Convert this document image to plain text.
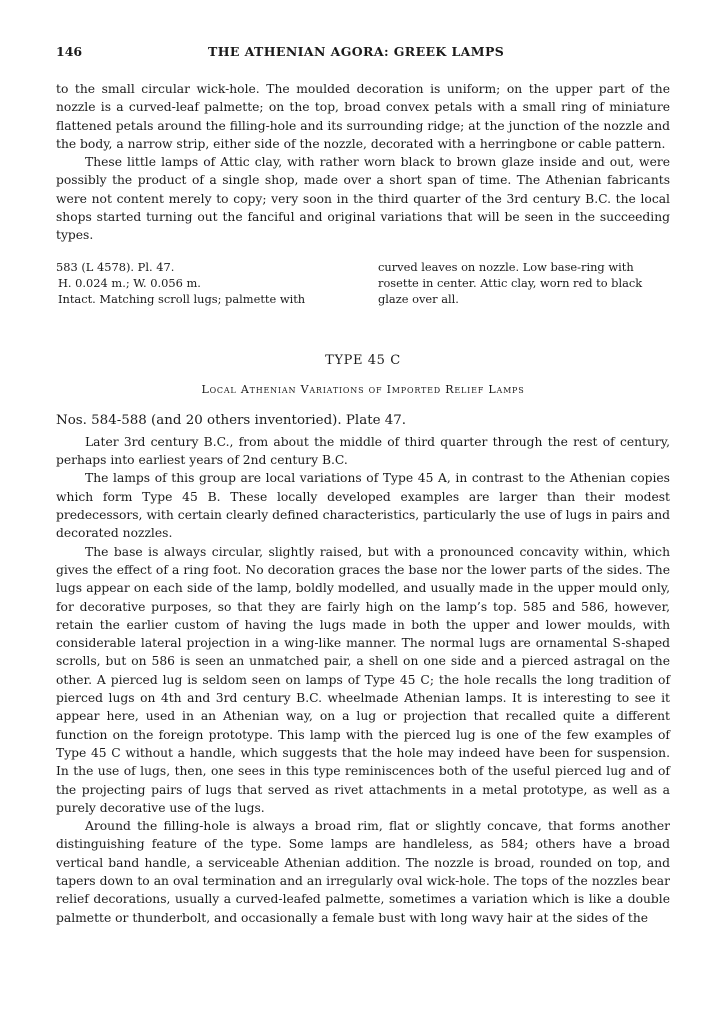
146	THE ATHENIAN AGORA: GREEK LAMPS

to the small circular wick-hole. The moulded decoration is uniform; on the upper part of the nozzle is a curved-leaf palmette; on the top, broad convex petals with a small ring of miniature flattened petals around the filling-hole and its surrounding ridge; at the junction of the nozzle and the body, a narrow strip, either side of the nozzle, decorated with a herringbone or cable pattern.

These little lamps of Attic clay, with rather worn black to brown glaze inside and out, were possibly the product of a single shop, made over a short span of time. The Athenian fabricants were not content merely to copy; very soon in the third quarter of the 3rd century B.C. the local shops started turning out the fanciful and original variations that will be seen in the succeeding types.

583 (L 4578). Pl. 47.
H. 0.024 m.; W. 0.056 m.
Intact. Matching scroll lugs; palmette with
curved leaves on nozzle. Low base-ring with
rosette in center. Attic clay, worn red to black
glaze over all.
TYPE 45 C
Local Athenian Variations of Imported Relief Lamps
Nos. 584-588 (and 20 others inventoried). Plate 47.

Later 3rd century B.C., from about the middle of third quarter through the rest of century, perhaps into earliest years of 2nd century B.C.

The lamps of this group are local variations of Type 45 A, in contrast to the Athenian copies which form Type 45 B. These locally developed examples are larger than their modest predecessors, with certain clearly defined characteristics, particularly the use of lugs in pairs and decorated nozzles.

The base is always circular, slightly raised, but with a pronounced concavity within, which gives the effect of a ring foot. No decoration graces the base nor the lower parts of the sides. The lugs appear on each side of the lamp, boldly modelled, and usually made in the upper mould only, for decorative purposes, so that they are fairly high on the lamp’s top. 585 and 586, however, retain the earlier custom of having the lugs made in both the upper and lower moulds, with considerable lateral projection in a wing-like manner. The normal lugs are ornamental S-shaped scrolls, but on 586 is seen an unmatched pair, a shell on one side and a pierced astragal on the other. A pierced lug is seldom seen on lamps of Type 45 C; the hole recalls the long tradition of pierced lugs on 4th and 3rd century B.C. wheelmade Athenian lamps. It is interesting to see it appear here, used in an Athenian way, on a lug or projection that recalled quite a different function on the foreign prototype. This lamp with the pierced lug is one of the few examples of Type 45 C without a handle, which suggests that the hole may indeed have been for suspension. In the use of lugs, then, one sees in this type reminiscences both of the useful pierced lug and of the projecting pairs of lugs that served as rivet attachments in a metal prototype, as well as a purely decorative use of the lugs.

Around the filling-hole is always a broad rim, flat or slightly concave, that forms another distinguishing feature of the type. Some lamps are handleless, as 584; others have a broad vertical band handle, a serviceable Athenian addition. The nozzle is broad, rounded on top, and tapers down to an oval termination and an irregularly oval wick-hole. The tops of the nozzles bear relief decorations, usually a curved-leafed palmette, sometimes a variation which is like a double palmette or thunderbolt, and occasionally a female bust with long wavy hair at the sides of the
